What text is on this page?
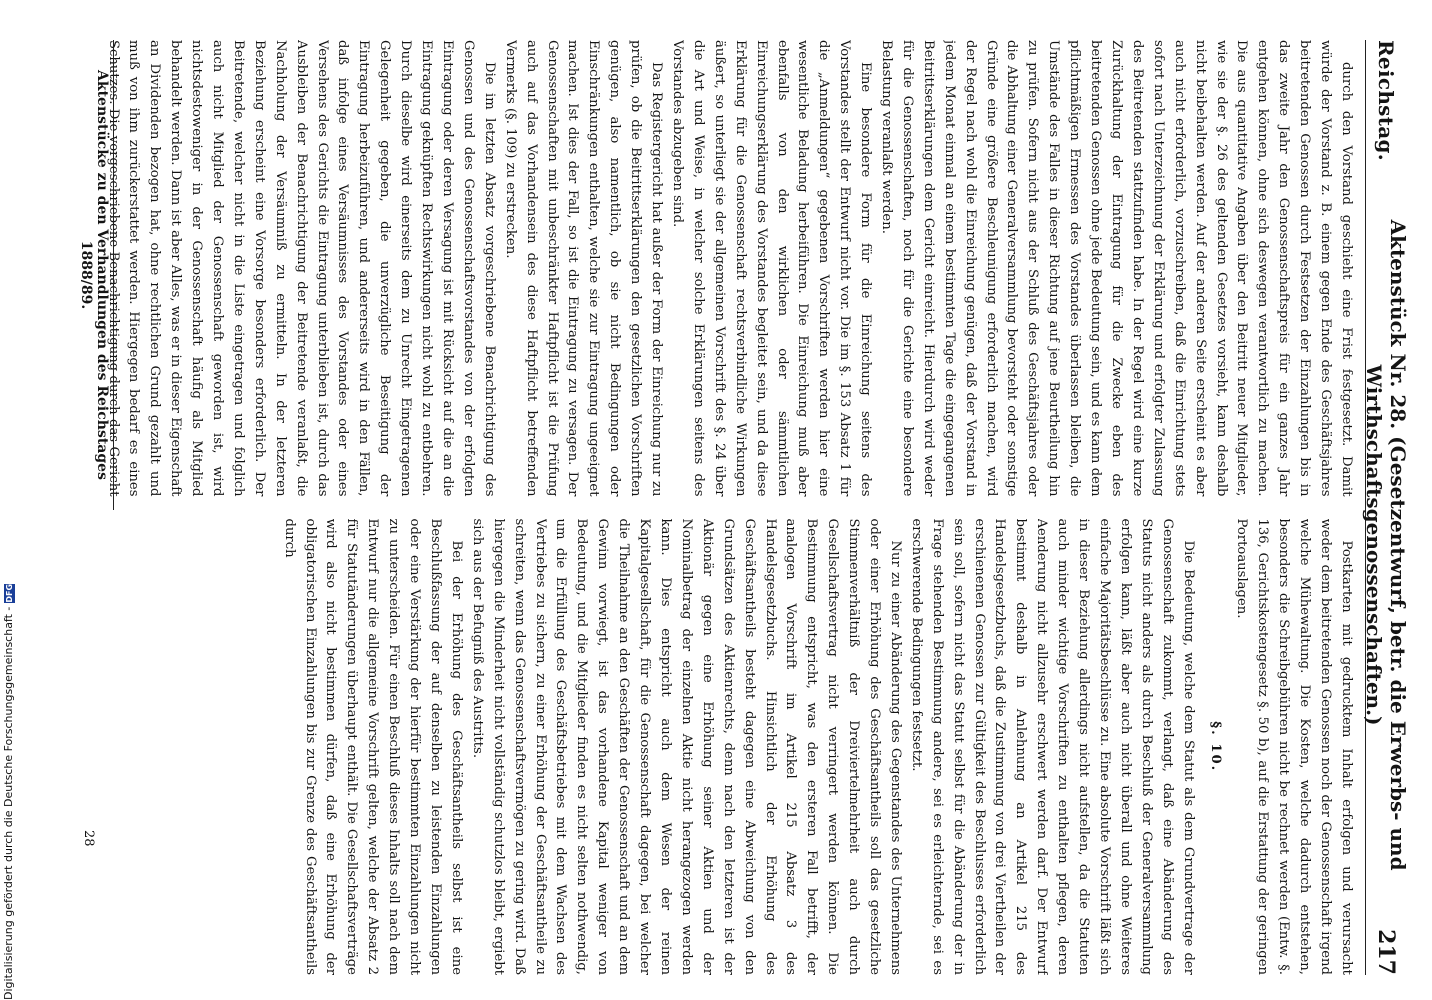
Reichstag.
Aktenstück Nr. 28. (Gesetzentwurf, betr. die Erwerbs- und Wirthschaftsgenossenschaften.)
217

durch den Vorstand geschieht eine Frist festgesetzt. Damit würde der Vorstand z. B. einem gegen Ende des Geschäftsjahres beitretenden Genossen durch Festsetzen der Einzahlungen bis in das zweite Jahr den Genossenschaftspreis für ein ganzes Jahr entgehen können, ohne sich deswegen verantwortlich zu machen. Die aus quantitative Angaben über den Beitritt neuer Mitglieder, wie sie der §. 26 des geltenden Gesetzes vorsieht, kann deshalb nicht beibehalten werden. Auf der anderen Seite erscheint es aber auch nicht erforderlich, vorzuschreiben, daß die Einrichtung stets sofort nach Unterzeichnung der Erklärung und erfolgter Zulassung des Beitretenden stattzufinden habe. In der Regel wird eine kurze Zurückhaltung der Eintragung für die Zwecke eben des beitretenden Genossen ohne jede Bedeutung sein, und es kann dem pflichtmäßigen Ermessen des Vorstandes überlassen bleiben, die Umstände des Falles in dieser Richtung auf jene Beurtheilung hin zu prüfen. Sofern nicht aus der Schluß des Geschäftsjahres oder die Abhaltung einer Generalversammlung bevorsteht oder sonstige Gründe eine größere Beschleunigung erforderlich machen, wird der Regel nach wohl die Einreichung genügen, daß der Vorstand in jedem Monat einmal an einem bestimmten Tage die eingegangenen Beitrittserklärungen dem Gericht einreicht. Hierdurch wird weder für die Genossenschaften, noch für die Gerichte eine besondere Belastung veranlaßt werden.

Eine besondere Form für die Einreichung seitens des Vorstandes stellt der Entwurf nicht vor. Die im §. 153 Absatz 1 für die „Anmeldungen“ gegebenen Vorschriften werden hier eine wesentliche Beladung herbeiführen. Die Einreichung muß aber ebenfalls von den wirklichen oder sämmtlichen Einreichungserklärung des Vorstandes begleitet sein, und da diese Erklärung für die Genossenschaft rechtsverbindliche Wirkungen äußert, so unterliegt sie der allgemeinen Vorschrift des §. 24 über die Art und Weise, in welcher solche Erklärungen seitens des Vorstandes abzugeben sind.

Das Registergericht hat außer der Form der Einreichung nur zu prüfen, ob die Beitrittserklärungen den gesetzlichen Vorschriften genügen, also namentlich, ob sie nicht Bedingungen oder Einschränkungen enthalten, welche sie zur Eintragung ungeeignet machen. Ist dies der Fall, so ist die Eintragung zu versagen. Der Genossenschaften mit unbeschränkter Haftpflicht ist die Prüfung auch auf das Vorhandensein des diese Haftpflicht betreffenden Vermerks (§. 109) zu erstrecken.

Die im letzten Absatz vorgeschriebene Benachrichtigung des Genossen und des Genossenschaftsvorstandes von der erfolgten Eintragung oder deren Versagung ist mit Rücksicht auf die an die Eintragung geknüpften Rechtswirkungen nicht wohl zu entbehren. Durch dieselbe wird einerseits dem zu Unrecht Eingetragenen Gelegenheit gegeben, die unverzügliche Beseitigung der Eintragung herbeizuführen, und andererseits wird in den Fällen, daß infolge eines Versäumnisses des Vorstandes oder eines Versehens des Gerichts die Eintragung unterblieben ist, durch das Ausbleiben der Benachrichtigung der Beitretende veranlaßt, die Nachholung der Versäumniß zu ermitteln. In der letzteren Beziehung erscheint eine Vorsorge besonders erforderlich. Der Beitretende, welcher nicht in die Liste eingetragen und folglich auch nicht Mitglied der Genossenschaft geworden ist, wird nichtsdestoweniger in der Genossenschaft häufig als Mitglied behandelt werden. Dann ist aber Alles, was er in dieser Eigenschaft an Dividenden bezogen hat, ohne rechtlichen Grund gezahlt und muß von ihm zurückerstattet werden. Hiergegen bedarf es eines Schutzes. Die vorgeschriebene Benachrichtigung durch das Gericht

Postkarten mit gedrucktem Inhalt erfolgen und verursacht weder dem beitretenden Genossen noch der Genossenschaft irgend welche Mühewaltung. Die Kosten, welche dadurch entstehen, besonders die Schreibgebühren nicht be rechnet werden (Entw. §. 136, Gerichtskostengesetz §. 50 b), auf die Erstattung der geringen Portoauslagen.

§. 10.

Die Bedeutung, welche dem Statut als dem Grundvertrage der Genossenschaft zukommt, verlangt, daß eine Abänderung des Statuts nicht anders als durch Beschluß der Generalversammlung erfolgen kann, läßt aber auch nicht überall und ohne Weiteres einfache Majoritätsbeschlüsse zu. Eine absolute Vorschrift läßt sich in dieser Beziehung allerdings nicht aufstellen, da die Statuten auch minder wichtige Vorschriften zu enthalten pflegen, deren Aenderung nicht allzusehr erschwert werden darf. Der Entwurf bestimmt deshalb in Anlehnung an Artikel 215 des Handelsgesetzbuchs, daß die Zustimmung von drei Viertheilen der erschienenen Genossen zur Gültigkeit des Beschlusses erforderlich sein soll, sofern nicht das Statut selbst für die Abänderung der in Frage stehenden Bestimmung andere, sei es erleichternde, sei es erschwerende Bedingungen festsetzt.

Nur zu einer Abänderung des Gegenstandes des Unternehmens oder einer Erhöhung des Geschäftsantheils soll das gesetzliche Stimmenverhältniß der Dreiviertelmehrheit auch durch Gesellschaftsvertrag nicht verringert werden können. Die Bestimmung entspricht, was den ersteren Fall betrifft, der analogen Vorschrift im Artikel 215 Absatz 3 des Handelsgesetzbuchs. Hinsichtlich der Erhöhung des Geschäftsantheils besteht dagegen eine Abweichung von den Grundsätzen des Aktienrechts, denn nach den letzteren ist der Aktionär gegen eine Erhöhung seiner Aktien und der Nominalbetrag der einzelnen Aktie nicht herangezogen werden kann. Dies entspricht auch dem Wesen der reinen Kapitalgesellschaft, für die Genossenschaft dagegen, bei welcher die Theilnahme an den Geschäften der Genossenschaft und an dem Gewinn vorwiegt, ist das vorhandene Kapital weniger von Bedeutung, und die Mitglieder finden es nicht selten nothwendig, um die Erfüllung des Geschäftsbetriebes mit dem Wachsen des Vertriebes zu sichern, zu einer Erhöhung der Geschäftsantheile zu schreiten, wenn das Genossenschaftsvermögen zu gering wird. Daß hiergegen die Minderheit nicht vollständig schutzlos bleibt, ergiebt sich aus der Befugniß des Austritts.

Bei der Erhöhung des Geschäftsantheils selbst ist eine Beschlußfassung der auf denselben zu leistenden Einzahlungen oder eine Verstärkung der hierfür bestimmten Einzahlungen nicht zu unterscheiden. Für einen Beschluß dieses Inhalts soll nach dem Entwurf nur die allgemeine Vorschrift gelten, welche der Absatz 2 für Statutänderungen überhaupt enthält. Die Gesellschaftsverträge wird also nicht bestimmen dürfen, daß eine Erhöhung der obligatorischen Einzahlungen bis zur Grenze des Geschäftsantheils durch

Aktenstücke zu den Verhandlungen des Reichstages 1888/89.
28
Digitalisierung gefördert durch die Deutsche Forschungsgemeinschaft -
DFG
